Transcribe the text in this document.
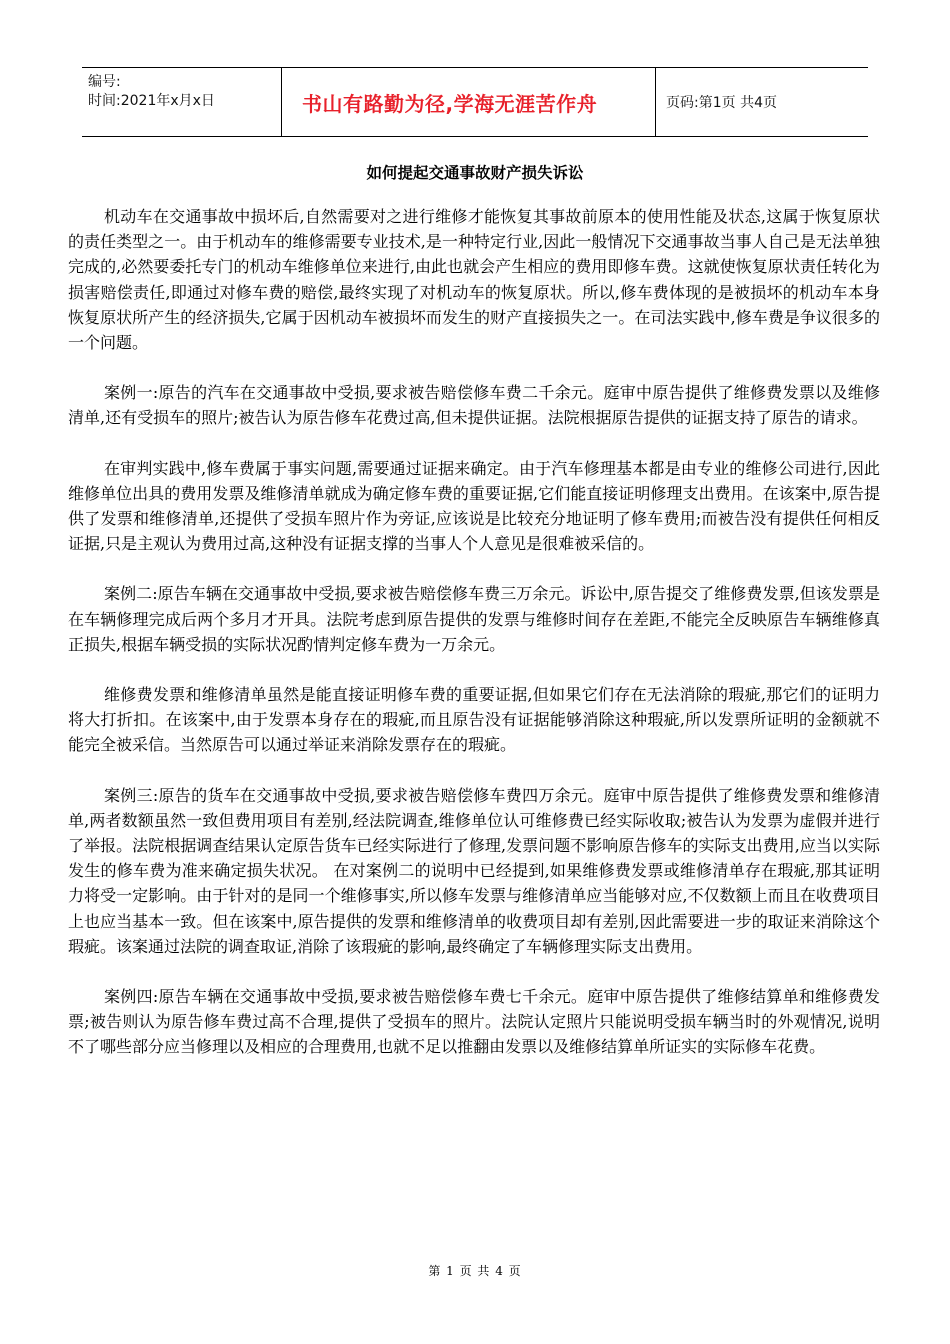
编号:
时间:2021年x月x日	书山有路勤为径,学海无涯苦作舟	页码:第1页 共4页
如何提起交通事故财产损失诉讼

机动车在交通事故中损坏后,自然需要对之进行维修才能恢复其事故前原本的使用性能及状态,这属于恢复原状的责任类型之一。由于机动车的维修需要专业技术,是一种特定行业,因此一般情况下交通事故当事人自己是无法单独完成的,必然要委托专门的机动车维修单位来进行,由此也就会产生相应的费用即修车费。这就使恢复原状责任转化为损害赔偿责任,即通过对修车费的赔偿,最终实现了对机动车的恢复原状。所以,修车费体现的是被损坏的机动车本身恢复原状所产生的经济损失,它属于因机动车被损坏而发生的财产直接损失之一。在司法实践中,修车费是争议很多的一个问题。

案例一:原告的汽车在交通事故中受损,要求被告赔偿修车费二千余元。庭审中原告提供了维修费发票以及维修清单,还有受损车的照片;被告认为原告修车花费过高,但未提供证据。法院根据原告提供的证据支持了原告的请求。

在审判实践中,修车费属于事实问题,需要通过证据来确定。由于汽车修理基本都是由专业的维修公司进行,因此维修单位出具的费用发票及维修清单就成为确定修车费的重要证据,它们能直接证明修理支出费用。在该案中,原告提供了发票和维修清单,还提供了受损车照片作为旁证,应该说是比较充分地证明了修车费用;而被告没有提供任何相反证据,只是主观认为费用过高,这种没有证据支撑的当事人个人意见是很难被采信的。

案例二:原告车辆在交通事故中受损,要求被告赔偿修车费三万余元。诉讼中,原告提交了维修费发票,但该发票是在车辆修理完成后两个多月才开具。法院考虑到原告提供的发票与维修时间存在差距,不能完全反映原告车辆维修真正损失,根据车辆受损的实际状况酌情判定修车费为一万余元。

维修费发票和维修清单虽然是能直接证明修车费的重要证据,但如果它们存在无法消除的瑕疵,那它们的证明力将大打折扣。在该案中,由于发票本身存在的瑕疵,而且原告没有证据能够消除这种瑕疵,所以发票所证明的金额就不能完全被采信。当然原告可以通过举证来消除发票存在的瑕疵。

案例三:原告的货车在交通事故中受损,要求被告赔偿修车费四万余元。庭审中原告提供了维修费发票和维修清单,两者数额虽然一致但费用项目有差别,经法院调查,维修单位认可维修费已经实际收取;被告认为发票为虚假并进行了举报。法院根据调查结果认定原告货车已经实际进行了修理,发票问题不影响原告修车的实际支出费用,应当以实际发生的修车费为准来确定损失状况。 在对案例二的说明中已经提到,如果维修费发票或维修清单存在瑕疵,那其证明力将受一定影响。由于针对的是同一个维修事实,所以修车发票与维修清单应当能够对应,不仅数额上而且在收费项目上也应当基本一致。但在该案中,原告提供的发票和维修清单的收费项目却有差别,因此需要进一步的取证来消除这个瑕疵。该案通过法院的调查取证,消除了该瑕疵的影响,最终确定了车辆修理实际支出费用。

案例四:原告车辆在交通事故中受损,要求被告赔偿修车费七千余元。庭审中原告提供了维修结算单和维修费发票;被告则认为原告修车费过高不合理,提供了受损车的照片。法院认定照片只能说明受损车辆当时的外观情况,说明不了哪些部分应当修理以及相应的合理费用,也就不足以推翻由发票以及维修结算单所证实的实际修车花费。

第 1 页 共 4 页
